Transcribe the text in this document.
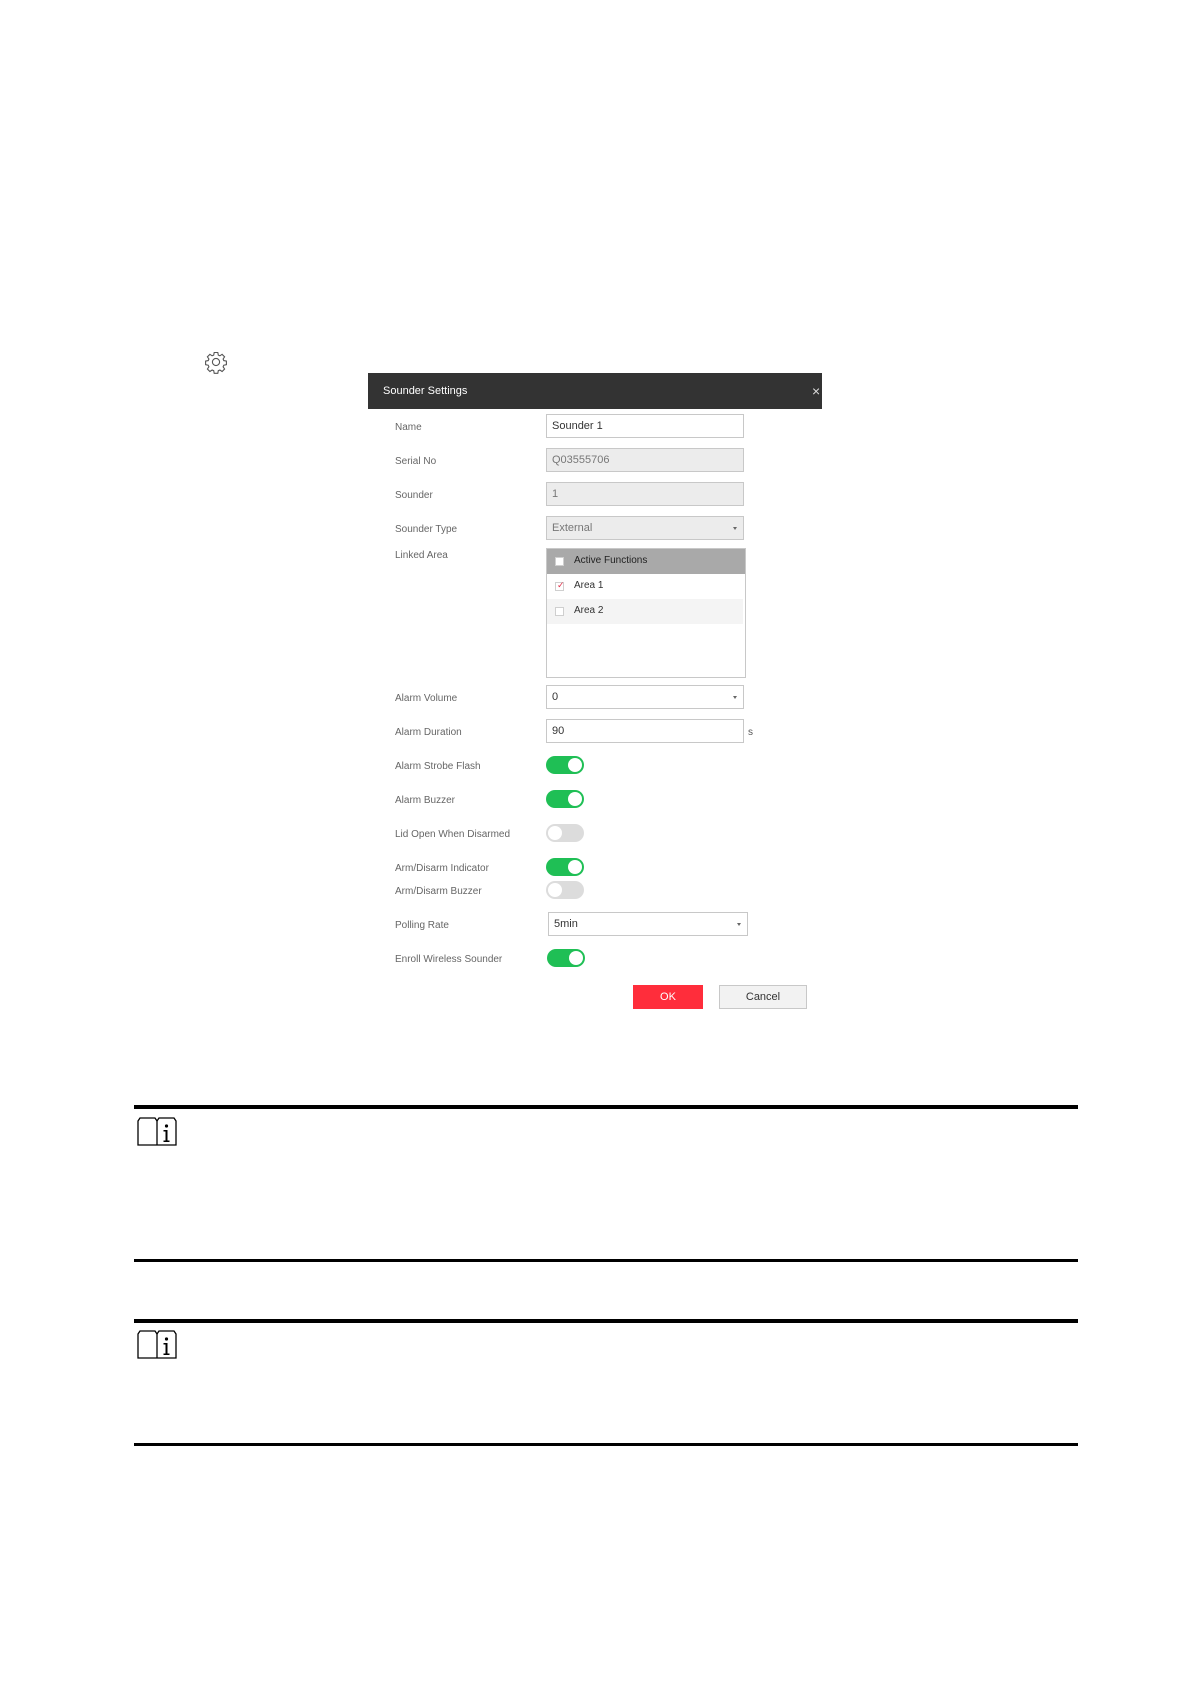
Sounder Settings	×
Name	Sounder 1
Serial No	Q03555706
Sounder	1
Sounder Type	External
Linked Area	Active Functions
✓ Area 1
Area 2
Alarm Volume	0
Alarm Duration	90	s
Alarm Strobe Flash
Alarm Buzzer
Lid Open When Disarmed
Arm/Disarm Indicator
Arm/Disarm Buzzer
Polling Rate	5min
Enroll Wireless Sounder
OK	Cancel
